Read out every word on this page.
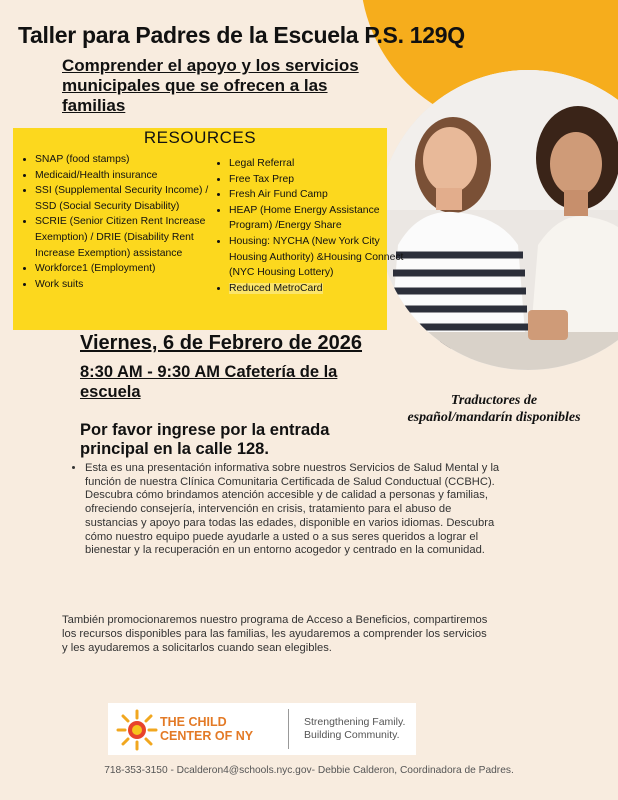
Taller para Padres de la Escuela P.S. 129Q
Comprender el apoyo y los servicios municipales que se ofrecen a las familias
RESOURCES
• SNAP (food stamps)
• Medicaid/Health insurance
• SSI (Supplemental Security Income) / SSD (Social Security Disability)
• SCRIE (Senior Citizen Rent Increase Exemption) / DRIE (Disability Rent Increase Exemption) assistance
• Workforce1 (Employment)
• Work suits
• Legal Referral
• Free Tax Prep
• Fresh Air Fund Camp
• HEAP (Home Energy Assistance Program) /Energy Share
• Housing: NYCHA (New York City Housing Authority) &Housing Connect (NYC Housing Lottery)
• Reduced MetroCard
Viernes, 6 de Febrero de 2026
8:30 AM - 9:30 AM Cafetería de la escuela	Traductores de español/mandarín disponibles
Por favor ingrese por la entrada principal en la calle 128.
• Esta es una presentación informativa sobre nuestros Servicios de Salud Mental y la función de nuestra Clínica Comunitaria Certificada de Salud Conductual (CCBHC). Descubra cómo brindamos atención accesible y de calidad a personas y familias, ofreciendo consejería, intervención en crisis, tratamiento para el abuso de sustancias y apoyo para todas las edades, disponible en varios idiomas. Descubra cómo nuestro equipo puede ayudarle a usted o a sus seres queridos a lograr el bienestar y la recuperación en un entorno acogedor y centrado en la comunidad.
También promocionaremos nuestro programa de Acceso a Beneficios, compartiremos los recursos disponibles para las familias, les ayudaremos a comprender los servicios y les ayudaremos a solicitarlos cuando sean elegibles.
THE CHILD
CENTER OF NY
Strengthening Family.
Building Community.
718-353-3150 - Dcalderon4@schools.nyc.gov- Debbie Calderon, Coordinadora de Padres.
